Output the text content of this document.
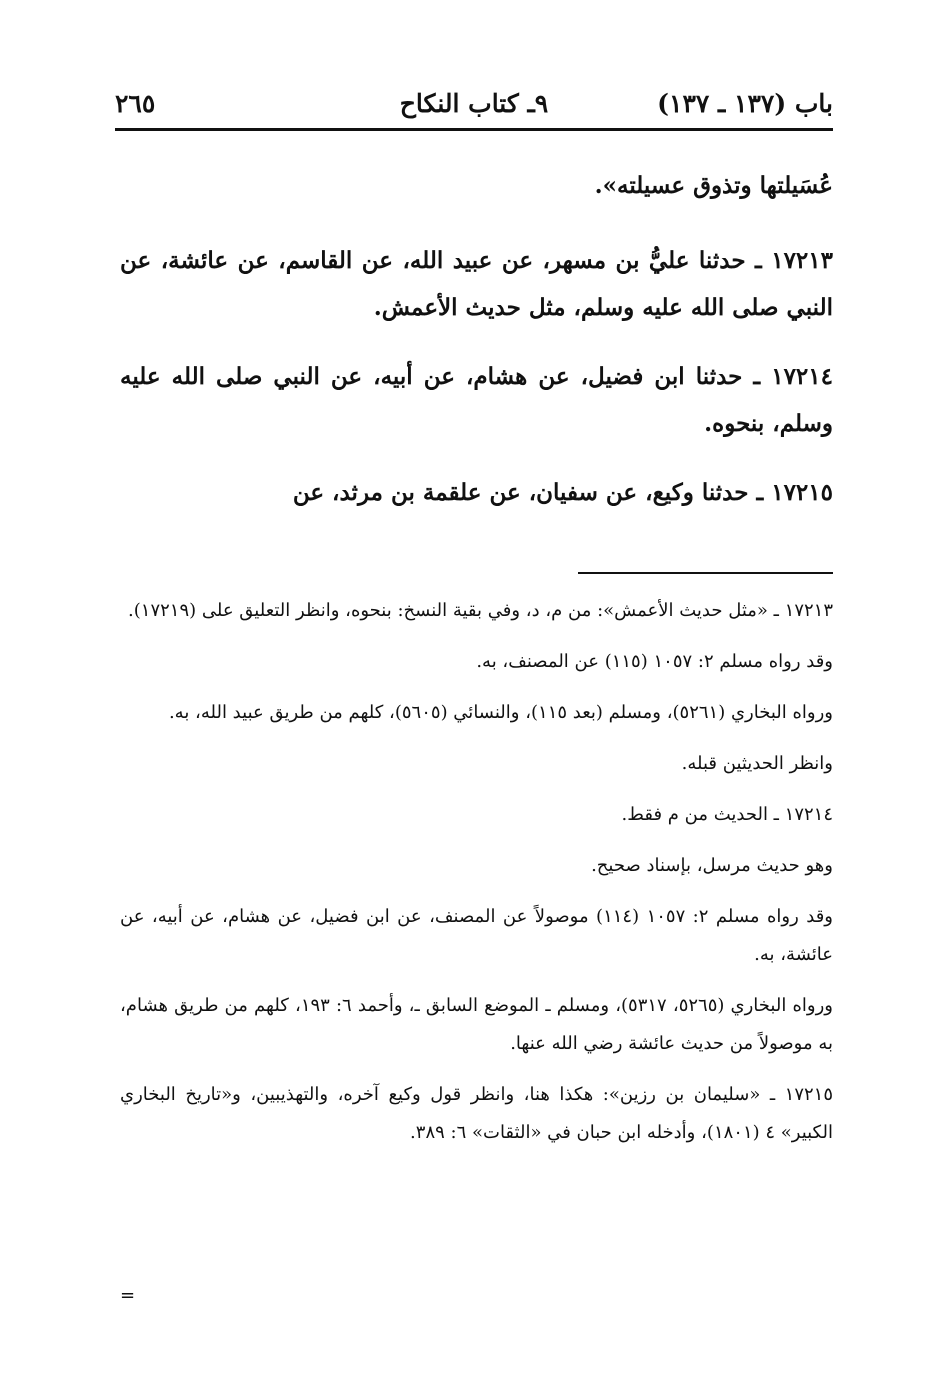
باب (١٣٧ ـ ١٣٧)
٩ـ كتاب النكاح
٢٦٥

عُسَيلتها وتذوق عسيلته».

١٧٢١٣ ـ حدثنا عليُّ بن مسهر، عن عبيد الله، عن القاسم، عن عائشة، عن النبي صلى الله عليه وسلم، مثل حديث الأعمش.

١٧٢١٤ ـ حدثنا ابن فضيل، عن هشام، عن أبيه، عن النبي صلى الله عليه وسلم، بنحوه.

١٧٢١٥ ـ حدثنا وكيع، عن سفيان، عن علقمة بن مرثد، عن

١٧٢١٣ ـ «مثل حديث الأعمش»: من م، د، وفي بقية النسخ: بنحوه، وانظر التعليق على (١٧٢١٩).

وقد رواه مسلم ٢: ١٠٥٧ (١١٥) عن المصنف، به.

ورواه البخاري (٥٢٦١)، ومسلم (بعد ١١٥)، والنسائي (٥٦٠٥)، كلهم من طريق عبيد الله، به.

وانظر الحديثين قبله.

١٧٢١٤ ـ الحديث من م فقط.

وهو حديث مرسل، بإسناد صحيح.

وقد رواه مسلم ٢: ١٠٥٧ (١١٤) موصولاً عن المصنف، عن ابن فضيل، عن هشام، عن أبيه، عن عائشة، به.

ورواه البخاري (٥٢٦٥، ٥٣١٧)، ومسلم ـ الموضع السابق ـ، وأحمد ٦: ١٩٣، كلهم من طريق هشام، به موصولاً من حديث عائشة رضي الله عنها.

١٧٢١٥ ـ «سليمان بن رزين»: هكذا هنا، وانظر قول وكيع آخره، والتهذيبين، و«تاريخ البخاري الكبير» ٤ (١٨٠١)، وأدخله ابن حبان في «الثقات» ٦: ٣٨٩.

=
